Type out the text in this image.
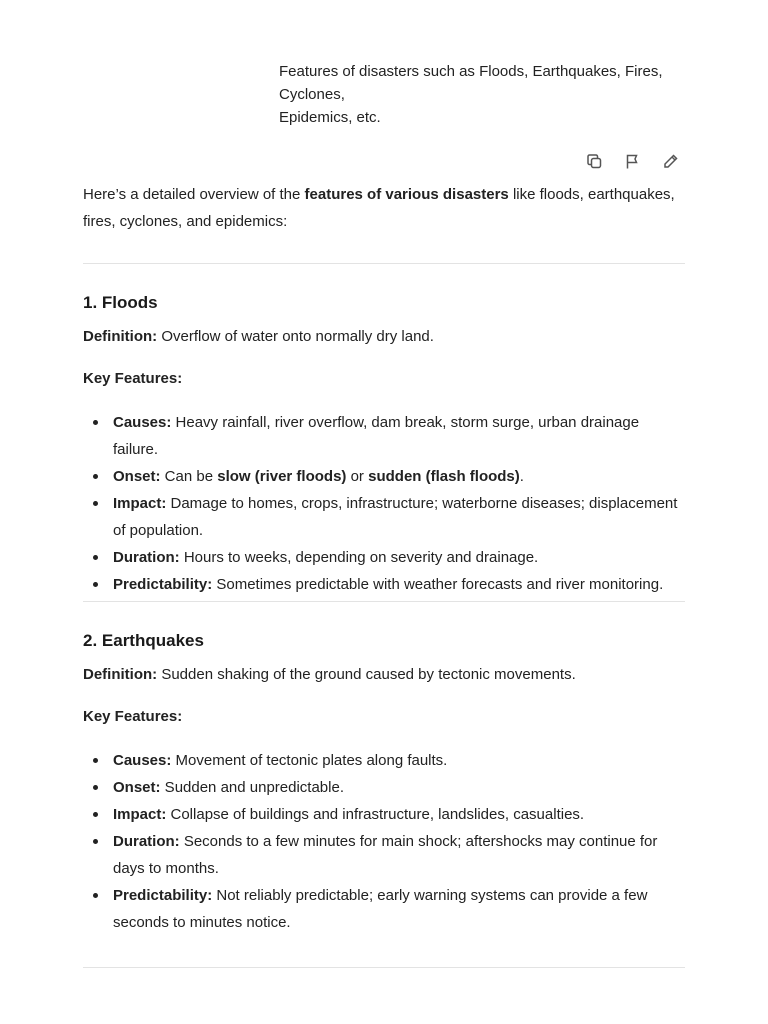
Features of disasters such as Floods, Earthquakes, Fires,
Cyclones,
Epidemics, etc.
Here’s a detailed overview of the features of various disasters like floods, earthquakes, fires, cyclones, and epidemics:
1. Floods
Definition: Overflow of water onto normally dry land.
Key Features:
Causes: Heavy rainfall, river overflow, dam break, storm surge, urban drainage failure.
Onset: Can be slow (river floods) or sudden (flash floods).
Impact: Damage to homes, crops, infrastructure; waterborne diseases; displacement of population.
Duration: Hours to weeks, depending on severity and drainage.
Predictability: Sometimes predictable with weather forecasts and river monitoring.
2. Earthquakes
Definition: Sudden shaking of the ground caused by tectonic movements.
Key Features:
Causes: Movement of tectonic plates along faults.
Onset: Sudden and unpredictable.
Impact: Collapse of buildings and infrastructure, landslides, casualties.
Duration: Seconds to a few minutes for main shock; aftershocks may continue for days to months.
Predictability: Not reliably predictable; early warning systems can provide a few seconds to minutes notice.
